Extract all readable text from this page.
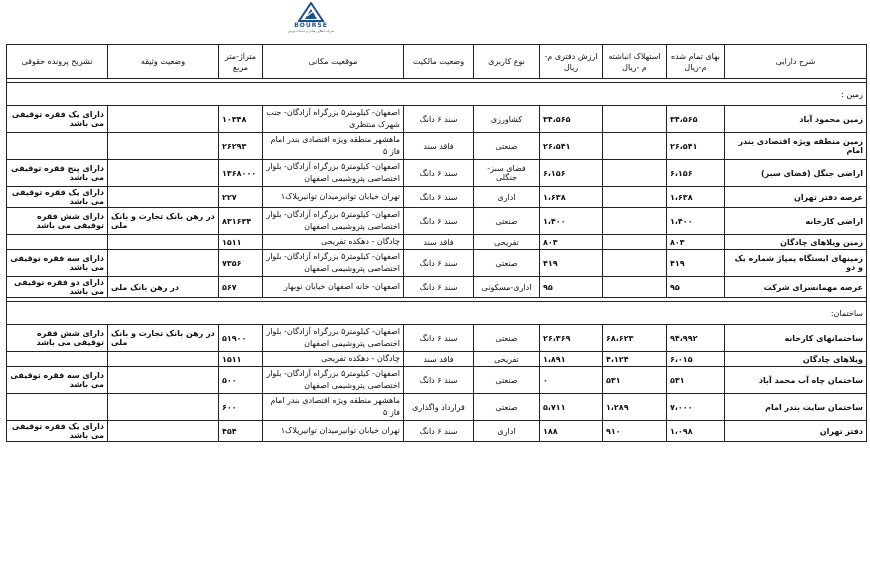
BOURSE
شرکت اطلاع رسانی و خدمات بورس
شرح دارایی	بهای تمام شده م-ریال	استهلاک انباشته م -ریال	ارزش دفتری م-ریال	نوع کاربری	وضعیت مالکیت	موقعیت مکانی	متراژ-متر مربع	وضعیت وثیقه	تشریح پرونده حقوقی

زمین :									
زمین محمود آباد	۳۴،۵۶۵		۳۴،۵۶۵	کشاورزی	سند ۶ دانگ	اصفهان- کیلومتر۵ بزرگراه آزادگان- جنب شهرک منتظری	۱۰۳۴۸		دارای یک فقره توقیفی می باشد
زمین منطقه ویژه اقتصادی بندر امام	۲۶،۵۴۱		۲۶،۵۴۱	صنعتی	فاقد سند	ماهشهر منطقه ویژه اقتصادی بندر امام فاز ۵	۲۶۲۹۳		
اراضی جنگل (فضای سبز)	۶،۱۵۶		۶،۱۵۶	فضای سبز- جنگلی	سند ۶ دانگ	اصفهان- کیلومتر۵ بزرگراه آزادگان- بلوار اختصاصی پتروشیمی اصفهان	۱۳۶۸۰۰۰		دارای پنج فقره توقیفی می باشد
عرصه دفتر تهران	۱،۶۳۸		۱،۶۳۸	اداری	سند ۶ دانگ	تهران خیابان توانیرمیدان توانیرپلاک۱	۲۲۷		دارای یک فقره توقیفی می باشد
اراضی کارخانه	۱،۴۰۰		۱،۴۰۰	صنعتی	سند ۶ دانگ	اصفهان- کیلومتر۵ بزرگراه آزادگان- بلوار اختصاصی پتروشیمی اصفهان	۸۳۱۶۳۴	در رهن بانک تجارت و بانک ملی	دارای شش فقره توقیفی می باشد
زمین ویلاهای چادگان	۸۰۳		۸۰۳	تفریحی	فاقد سند	چادگان - دهکده تفریحی	۱۵۱۱		
زمینهای ایستگاه پمپاژ شماره یک و دو	۴۱۹		۴۱۹	صنعتی	سند ۶ دانگ	اصفهان- کیلومتر۵ بزرگراه آزادگان- بلوار اختصاصی پتروشیمی اصفهان	۷۳۵۶		دارای سه فقره توقیفی می باشد
عرصه مهمانسرای شرکت	۹۵		۹۵	اداری-مسکونی	سند ۶ دانگ	اصفهان- خانه اصفهان خیابان نوبهار	۵۶۷	در رهن بانک ملی	دارای دو فقره توقیفی می باشد

ساختمان:									
ساختمانهای کارخانه	۹۴،۹۹۲	۶۸،۶۲۳	۲۶،۳۶۹	صنعتی	سند ۶ دانگ	اصفهان- کیلومتر۵ بزرگراه آزادگان- بلوار اختصاصی پتروشیمی اصفهان	۵۱۹۰۰	در رهن بانک تجارت و بانک ملی	دارای شش فقره توقیفی می باشد
ویلاهای چادگان	۶،۰۱۵	۴،۱۲۴	۱،۸۹۱	تفریحی	فاقد سند	چادگان - دهکده تفریحی	۱۵۱۱		
ساختمان چاه آب محمد آباد	۵۳۱	۵۳۱	۰	صنعتی	سند ۶ دانگ	اصفهان- کیلومتر۵ بزرگراه آزادگان- بلوار اختصاصی پتروشیمی اصفهان	۵۰۰		دارای سه فقره توقیفی می باشد
ساختمان سایت بندر امام	۷،۰۰۰	۱،۲۸۹	۵،۷۱۱	صنعتی	قرارداد واگذاری	ماهشهر منطقه ویژه اقتصادی بندر امام فاز ۵	۶۰۰		
دفتر تهران	۱،۰۹۸	۹۱۰	۱۸۸	اداری	سند ۶ دانگ	تهران خیابان توانیرمیدان توانیرپلاک۱	۴۵۴		دارای یک فقره توقیفی می باشد
